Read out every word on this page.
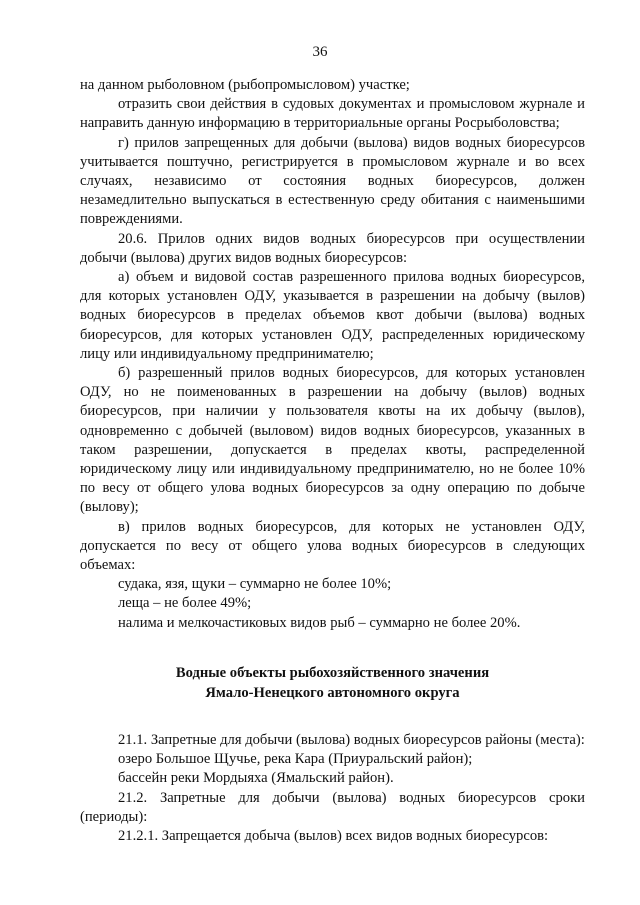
36

на данном рыболовном (рыбопромысловом) участке;

отразить свои действия в судовых документах и промысловом журнале и направить данную информацию в территориальные органы Росрыболовства;

г) прилов запрещенных для добычи (вылова) видов водных биоресурсов учитывается поштучно, регистрируется в промысловом журнале и во всех случаях, независимо от состояния водных биоресурсов, должен незамедлительно выпускаться в естественную среду обитания с наименьшими повреждениями.

20.6. Прилов одних видов водных биоресурсов при осуществлении добычи (вылова) других видов водных биоресурсов:

а) объем и видовой состав разрешенного прилова водных биоресурсов, для которых установлен ОДУ, указывается в разрешении на добычу (вылов) водных биоресурсов в пределах объемов квот добычи (вылова) водных биоресурсов, для которых установлен ОДУ, распределенных юридическому лицу или индивидуальному предпринимателю;

б) разрешенный прилов водных биоресурсов, для которых установлен ОДУ, но не поименованных в разрешении на добычу (вылов) водных биоресурсов, при наличии у пользователя квоты на их добычу (вылов), одновременно с добычей (выловом) видов водных биоресурсов, указанных в таком разрешении, допускается в пределах квоты, распределенной юридическому лицу или индивидуальному предпринимателю, но не более 10% по весу от общего улова водных биоресурсов за одну операцию по добыче (вылову);

в) прилов водных биоресурсов, для которых не установлен ОДУ, допускается по весу от общего улова водных биоресурсов в следующих объемах:

судака, язя, щуки – суммарно не более 10%;

леща – не более 49%;

налима и мелкочастиковых видов рыб – суммарно не более 20%.

Водные объекты рыбохозяйственного значения
Ямало-Ненецкого автономного округа

21.1. Запретные для добычи (вылова) водных биоресурсов районы (места):

озеро Большое Щучье, река Кара (Приуральский район);

бассейн реки Мордыяха (Ямальский район).

21.2. Запретные для добычи (вылова) водных биоресурсов сроки (периоды):

21.2.1. Запрещается добыча (вылов) всех видов водных биоресурсов:
